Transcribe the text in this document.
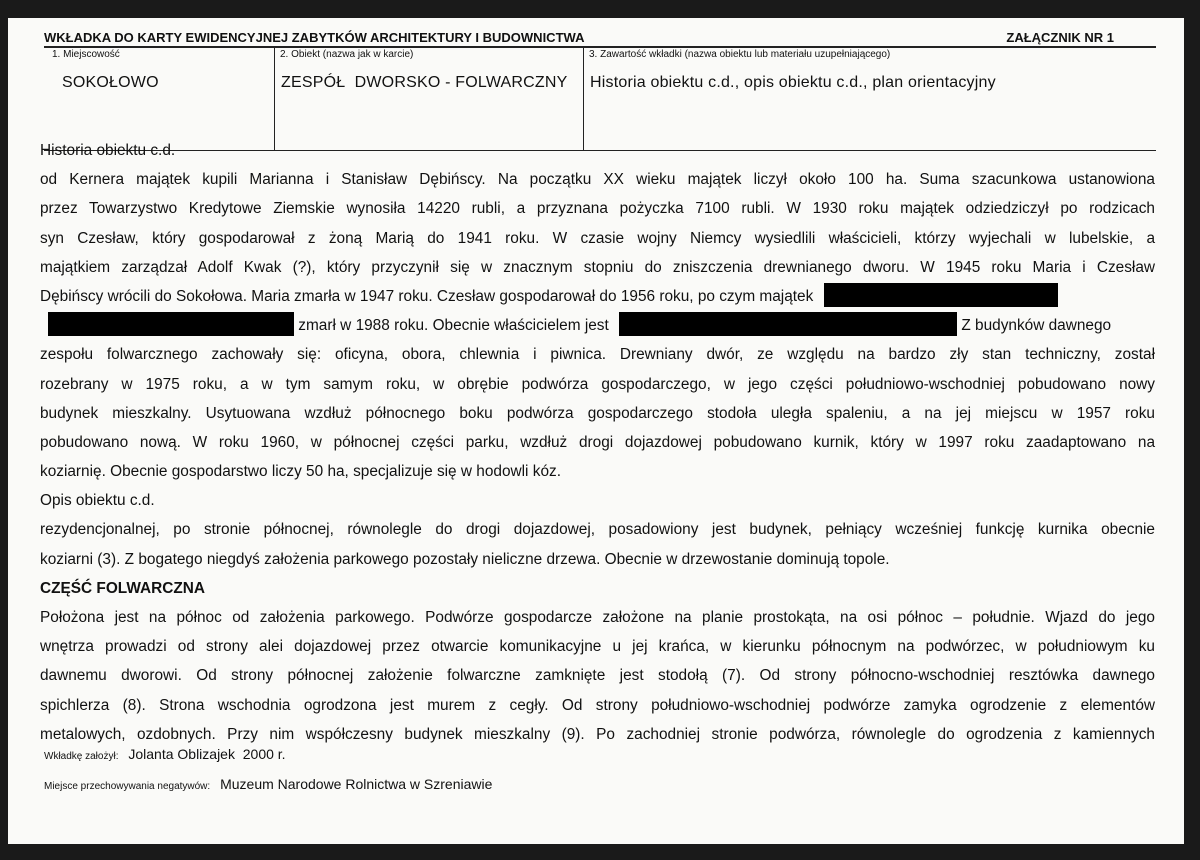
WKŁADKA DO KARTY EWIDENCYJNEJ ZABYTKÓW ARCHITEKTURY I BUDOWNICTWA	ZAŁĄCZNIK NR 1
1. Miejscowość	2. Obiekt (nazwa jak w karcie)	3. Zawartość wkładki (nazwa obiektu lub materiału uzupełniającego)
SOKOŁOWO	ZESPÓŁ  DWORSKO - FOLWARCZNY Historia obiektu c.d., opis obiektu c.d., plan orientacyjny
Historia obiektu c.d.
od Kernera majątek kupili Marianna i Stanisław Dębińscy. Na początku XX wieku majątek liczył około 100 ha. Suma szacunkowa ustanowiona
przez Towarzystwo Kredytowe Ziemskie wynosiła 14220 rubli, a przyznana pożyczka 7100 rubli. W 1930 roku majątek odziedziczył po rodzicach
syn Czesław, który gospodarował z żoną Marią do 1941 roku. W czasie wojny Niemcy wysiedlili właścicieli, którzy wyjechali w lubelskie, a
majątkiem zarządzał Adolf Kwak (?), który przyczynił się w znacznym stopniu do zniszczenia drewnianego dworu. W 1945 roku Maria i Czesław
Dębińscy wrócili do Sokołowa. Maria zmarła w 1947 roku. Czesław gospodarował do 1956 roku, po czym majątek
zmarł w 1988 roku. Obecnie właścicielem jest	Z budynków dawnego
zespołu folwarcznego zachowały się: oficyna, obora, chlewnia i piwnica. Drewniany dwór, ze względu na bardzo zły stan techniczny, został
rozebrany w 1975 roku, a w tym samym roku, w obrębie podwórza gospodarczego, w jego części południowo-wschodniej pobudowano nowy
budynek mieszkalny. Usytuowana wzdłuż północnego boku podwórza gospodarczego stodoła uległa spaleniu, a na jej miejscu w 1957 roku
pobudowano nową. W roku 1960, w północnej części parku, wzdłuż drogi dojazdowej pobudowano kurnik, który w 1997 roku zaadaptowano na
koziarnię. Obecnie gospodarstwo liczy 50 ha, specjalizuje się w hodowli kóz.
Opis obiektu c.d.
rezydencjonalnej, po stronie północnej, równolegle do drogi dojazdowej, posadowiony jest budynek, pełniący wcześniej funkcję kurnika obecnie
koziarni (3). Z bogatego niegdyś założenia parkowego pozostały nieliczne drzewa. Obecnie w drzewostanie dominują topole.
CZĘŚĆ FOLWARCZNA
Położona jest na północ od założenia parkowego. Podwórze gospodarcze założone na planie prostokąta, na osi północ – południe. Wjazd do jego
wnętrza prowadzi od strony alei dojazdowej przez otwarcie komunikacyjne u jej krańca, w kierunku północnym na podwórzec, w południowym ku
dawnemu dworowi. Od strony północnej założenie folwarczne zamknięte jest stodołą (7). Od strony północno-wschodniej resztówka dawnego
spichlerza (8). Strona wschodnia ogrodzona jest murem z cegły. Od strony południowo-wschodniej podwórze zamyka ogrodzenie z elementów
metalowych, ozdobnych. Przy nim współczesny budynek mieszkalny (9). Po zachodniej stronie podwórza, równolegle do ogrodzenia z kamiennych
Wkładkę założył: Jolanta Oblizajek  2000 r.
Miejsce przechowywania negatywów: Muzeum Narodowe Rolnictwa w Szreniawie
